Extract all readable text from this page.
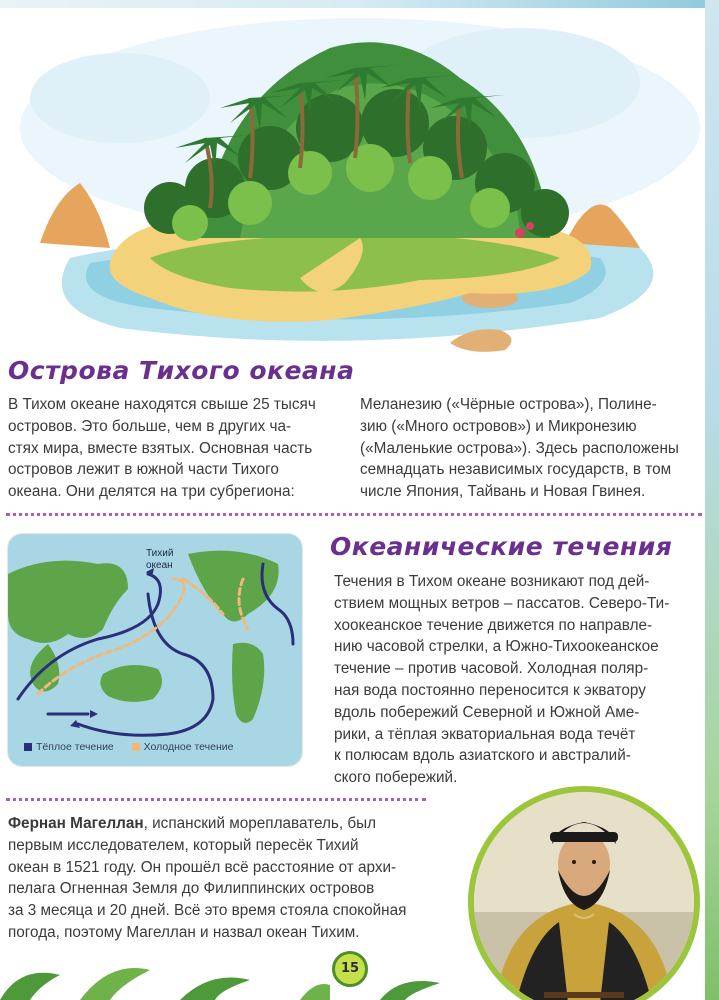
Острова Тихого океана

В Тихом океане находятся свыше 25 тысяч

островов. Это больше, чем в других ча-

стях мира, вместе взятых. Основная часть

островов лежит в южной части Тихого

океана. Они делятся на три субрегиона:

Меланезию («Чёрные острова»), Полине-

зию («Много островов») и Микронезию

(«Маленькие острова»). Здесь расположены

семнадцать независимых государств, в том

числе Япония, Тайвань и Новая Гвинея.

Тихий
океан
Тёплое течение	Холодное течение
Океанические течения

Течения в Тихом океане возникают под дей-

ствием мощных ветров – пассатов. Северо-Ти-

хоокеанское течение движется по направле-

нию часовой стрелки, а Южно-Тихоокеанское

течение – против часовой. Холодная поляр-

ная вода постоянно переносится к экватору

вдоль побережий Северной и Южной Аме-

рики, а тёплая экваториальная вода течёт

к полюсам вдоль азиатского и австралий-

ского побережий.

Фернан Магеллан, испанский мореплаватель, был

первым исследователем, который пересёк Тихий

океан в 1521 году. Он прошёл всё расстояние от архи-

пелага Огненная Земля до Филиппинских островов

за 3 месяца и 20 дней. Всё это время стояла спокойная

погода, поэтому Магеллан и назвал океан Тихим.

15
